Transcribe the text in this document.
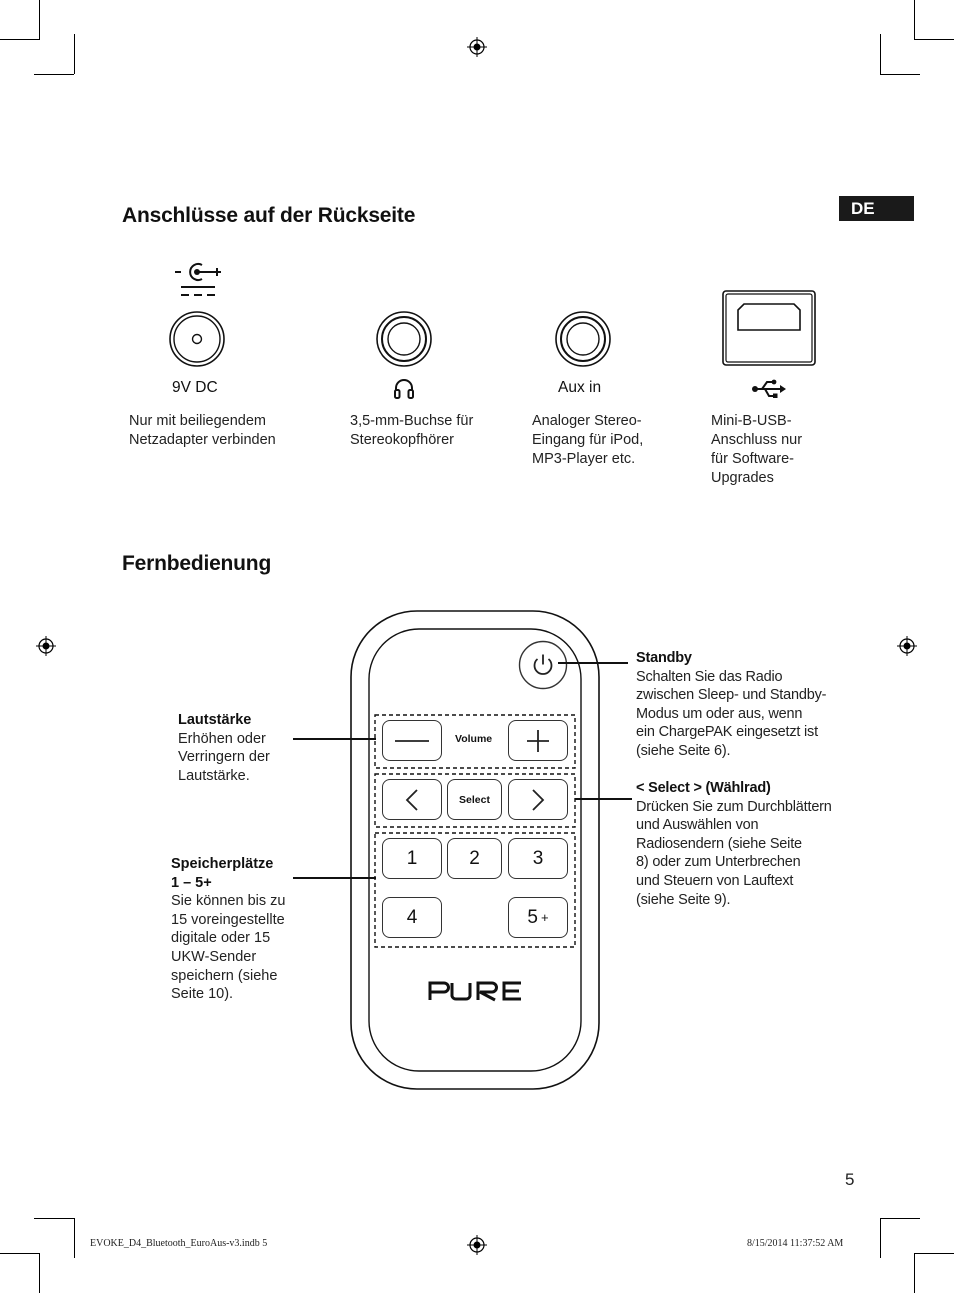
DE
Anschlüsse auf der Rückseite
9V DC
Nur mit beiliegendem
Netzadapter verbinden
3,5-mm-Buchse für
Stereokopfhörer
Aux in
Analoger Stereo-
Eingang für iPod,
MP3-Player etc.
Mini-B-USB-
Anschluss nur
für Software-
Upgrades
Fernbedienung
Volume
Select
1	2	3
4	5 +
Lautstärke
Erhöhen oder
Verringern der
Lautstärke.
Speicherplätze
1 – 5+
Sie können bis zu
15 voreingestellte
digitale oder 15
UKW-Sender
speichern (siehe
Seite 10).
Standby
Schalten Sie das Radio
zwischen Sleep- und Standby-
Modus um oder aus, wenn
ein ChargePAK eingesetzt ist
(siehe Seite 6).
< Select > (Wählrad)
Drücken Sie zum Durchblättern
und Auswählen von
Radiosendern (siehe Seite
8) oder zum Unterbrechen
und Steuern von Lauftext
(siehe Seite 9).
5
EVOKE_D4_Bluetooth_EuroAus-v3.indb 5	8/15/2014 11:37:52 AM
